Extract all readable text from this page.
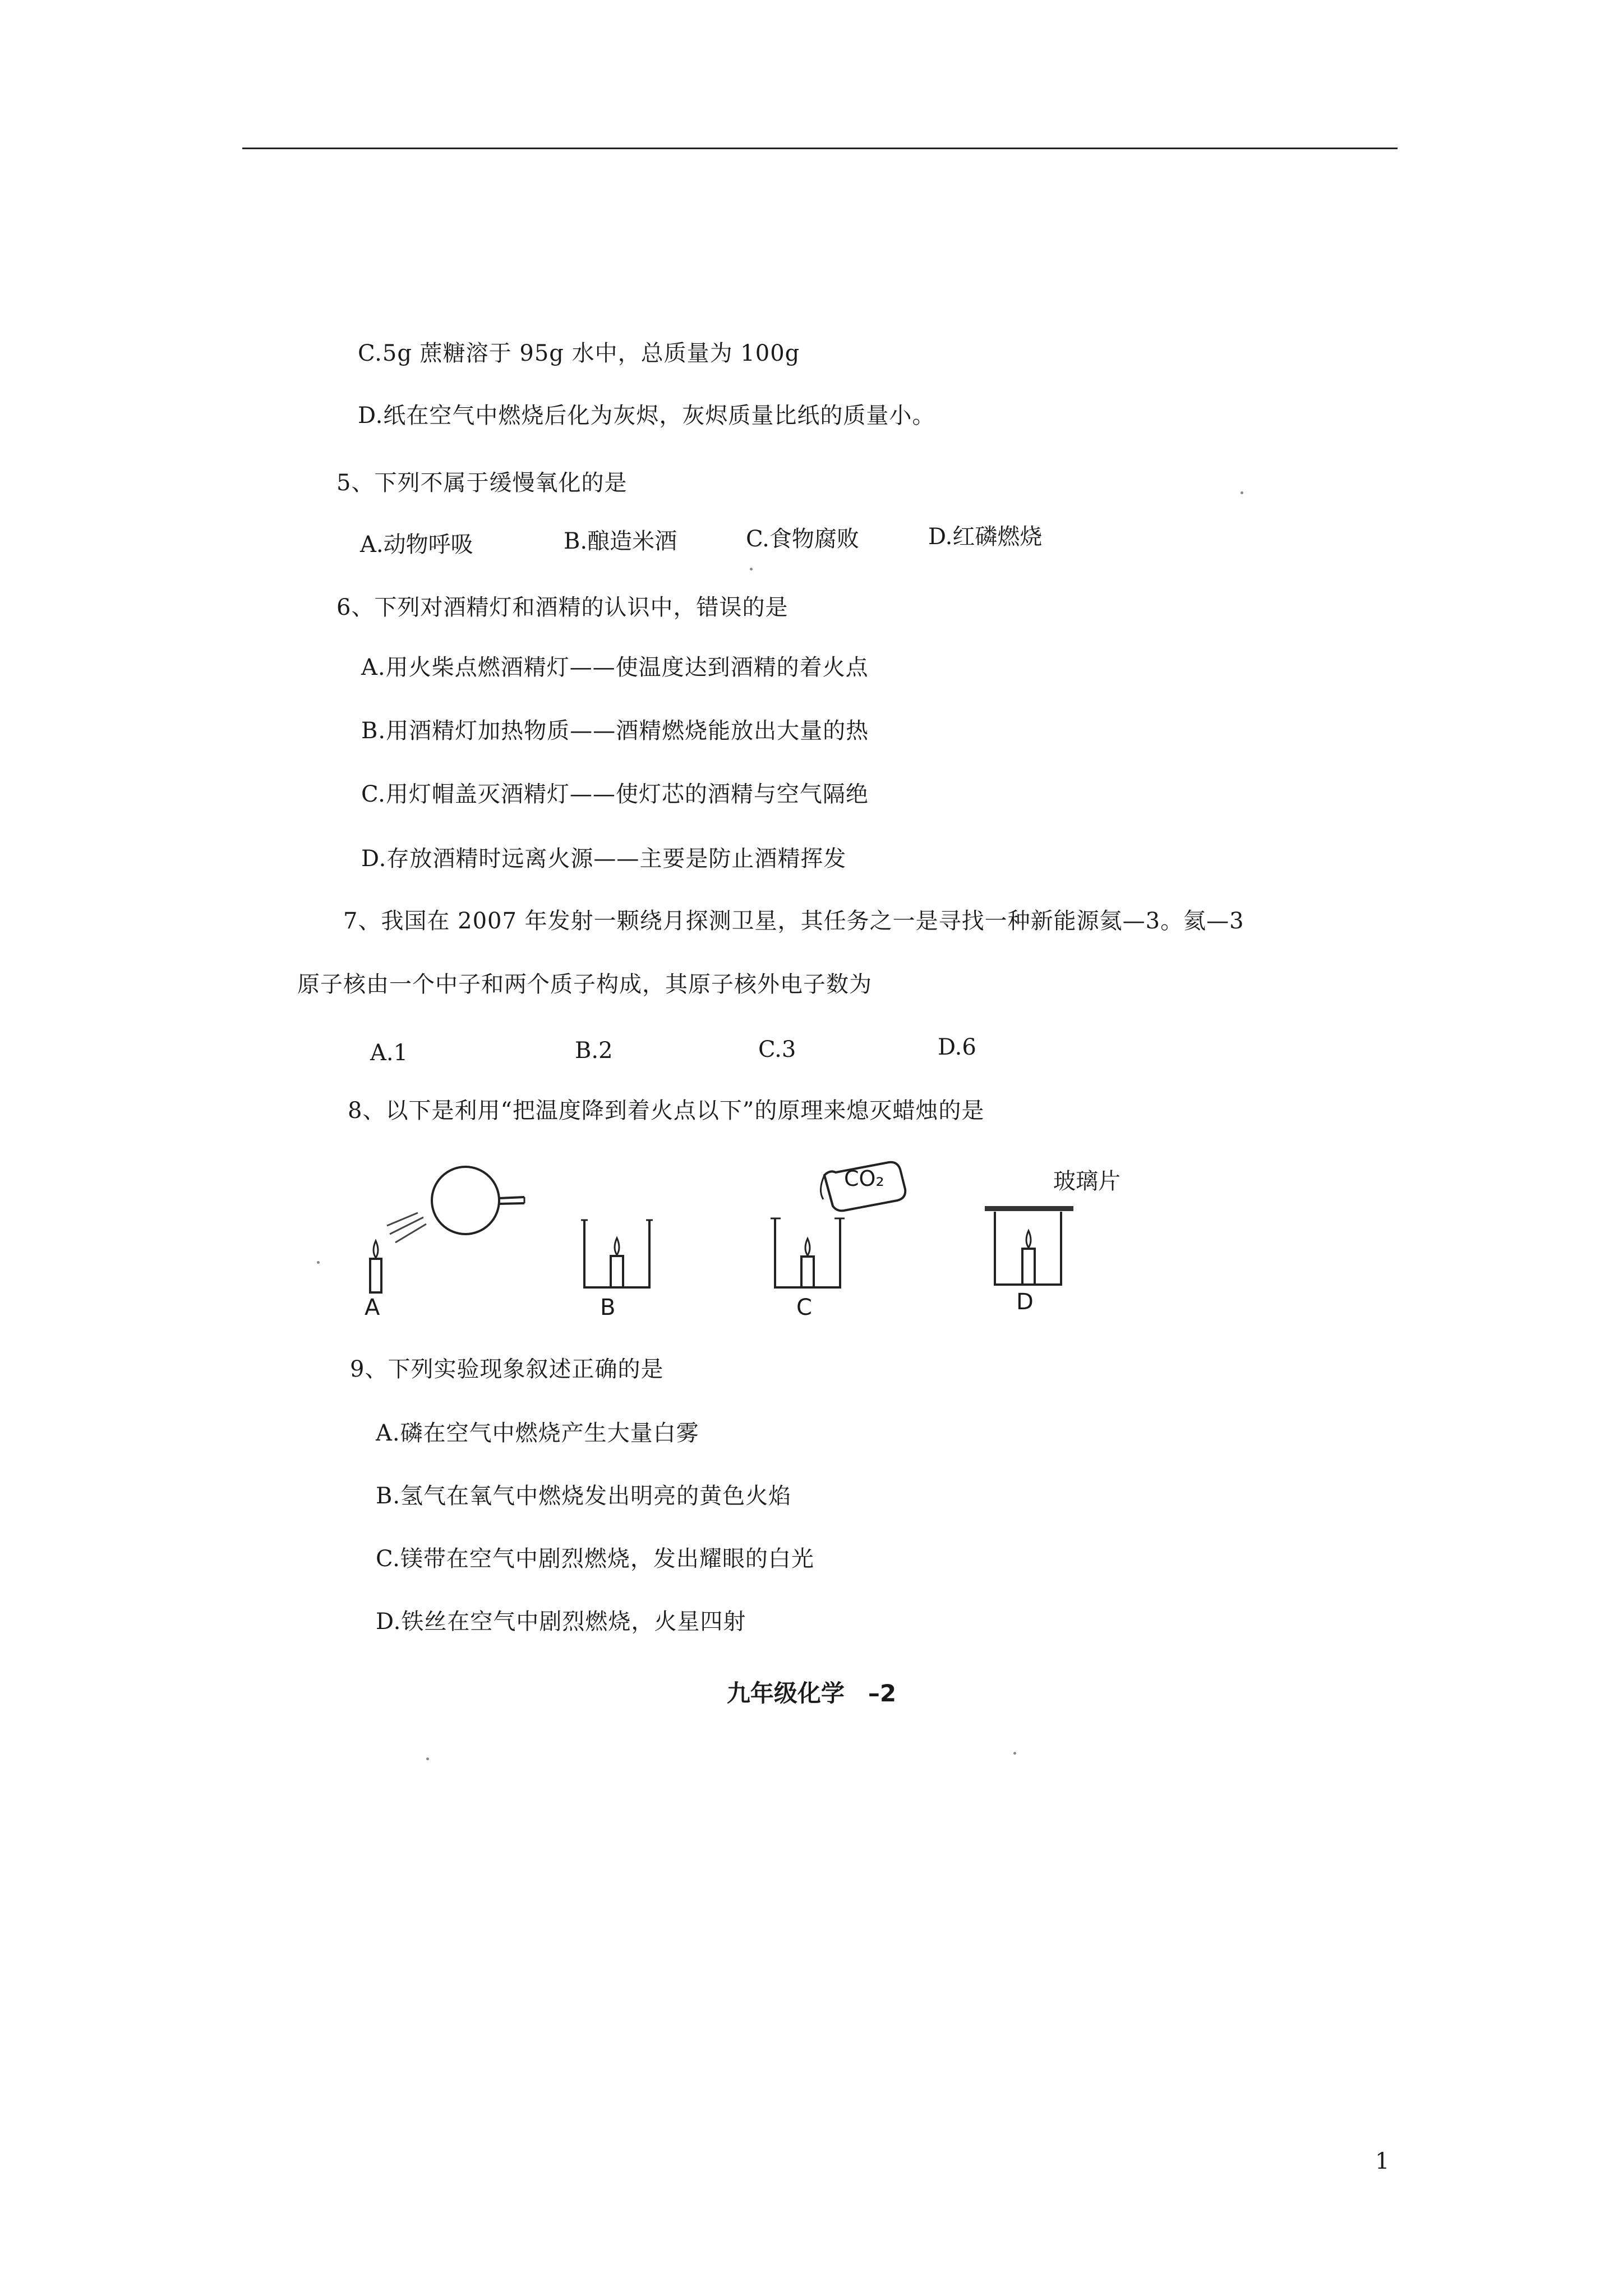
C.5g 蔗糖溶于 95g 水中，总质量为 100g
D.纸在空气中燃烧后化为灰烬，灰烬质量比纸的质量小。
5、下列不属于缓慢氧化的是
A.动物呼吸	B.酿造米酒	C.食物腐败	D.红磷燃烧
6、下列对酒精灯和酒精的认识中，错误的是
A.用火柴点燃酒精灯——使温度达到酒精的着火点
B.用酒精灯加热物质——酒精燃烧能放出大量的热
C.用灯帽盖灭酒精灯——使灯芯的酒精与空气隔绝
D.存放酒精时远离火源——主要是防止酒精挥发
7、我国在 2007 年发射一颗绕月探测卫星，其任务之一是寻找一种新能源氦—3。氦—3
原子核由一个中子和两个质子构成，其原子核外电子数为
A.1	B.2	C.3	D.6
8、以下是利用“把温度降到着火点以下”的原理来熄灭蜡烛的是
A	B
CO₂
C
玻璃片
D
9、下列实验现象叙述正确的是
A.磷在空气中燃烧产生大量白雾
B.氢气在氧气中燃烧发出明亮的黄色火焰
C.镁带在空气中剧烈燃烧，发出耀眼的白光
D.铁丝在空气中剧烈燃烧，火星四射
九年级化学　–2
1
